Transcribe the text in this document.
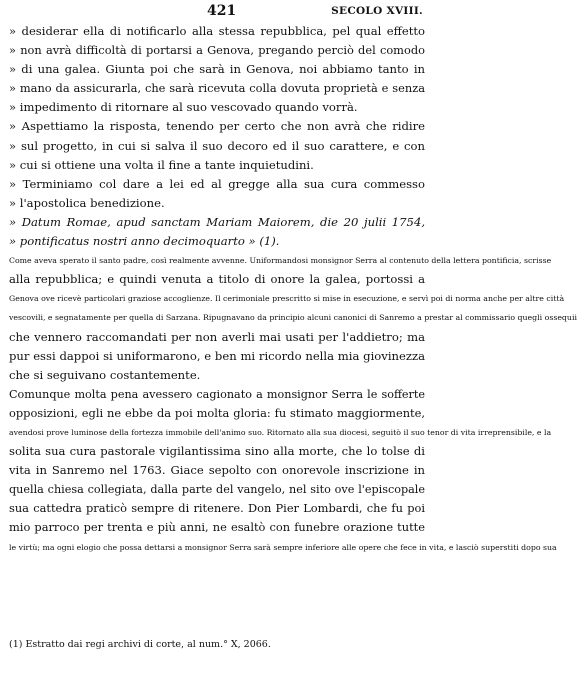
421	SECOLO XVIII.
» desiderar ella di notificarlo alla stessa repubblica, pel qual effetto
» non avrà difficoltà di portarsi a Genova, pregando perciò del comodo
» di una galea. Giunta poi che sarà in Genova, noi abbiamo tanto in
» mano da assicurarla, che sarà ricevuta colla dovuta proprietà e senza
» impedimento di ritornare al suo vescovado quando vorrà.
» Aspettiamo la risposta, tenendo per certo che non avrà che ridire
» sul progetto, in cui si salva il suo decoro ed il suo carattere, e con
» cui si ottiene una volta il fine a tante inquietudini.
» Terminiamo col dare a lei ed al gregge alla sua cura commesso
» l'apostolica benedizione.
» Datum Romae, apud sanctam Mariam Maiorem, die 20 julii 1754,
» pontificatus nostri anno decimoquarto » (1).
Come aveva sperato il santo padre, così realmente avvenne. Uniformandosi monsignor Serra al contenuto della lettera pontificia, scrisse
alla repubblica; e quindi venuta a titolo di onore la galea, portossi a
Genova ove ricevè particolari graziose accoglienze. Il cerimoniale prescritto si mise in esecuzione, e servì poi di norma anche per altre città
vescovili, e segnatamente per quella di Sarzana. Ripugnavano da principio alcuni canonici di Sanremo a prestar al commissario quegli ossequii
che vennero raccomandati per non averli mai usati per l'addietro; ma
pur essi dappoi si uniformarono, e ben mi ricordo nella mia giovinezza
che si seguivano costantemente.
Comunque molta pena avessero cagionato a monsignor Serra le sofferte
opposizioni, egli ne ebbe da poi molta gloria: fu stimato maggiormente,
avendosi prove luminose della fortezza immobile dell'animo suo. Ritornato alla sua diocesi, seguitò il suo tenor di vita irreprensibile, e la
solita sua cura pastorale vigilantissima sino alla morte, che lo tolse di
vita in Sanremo nel 1763. Giace sepolto con onorevole inscrizione in
quella chiesa collegiata, dalla parte del vangelo, nel sito ove l'episcopale
sua cattedra praticò sempre di ritenere. Don Pier Lombardi, che fu poi
mio parroco per trenta e più anni, ne esaltò con funebre orazione tutte
le virtù; ma ogni elogio che possa dettarsi a monsignor Serra sarà sempre inferiore alle opere che fece in vita, e lasciò superstiti dopo sua
(1) Estratto dai regi archivi di corte, al num.° X, 2066.
